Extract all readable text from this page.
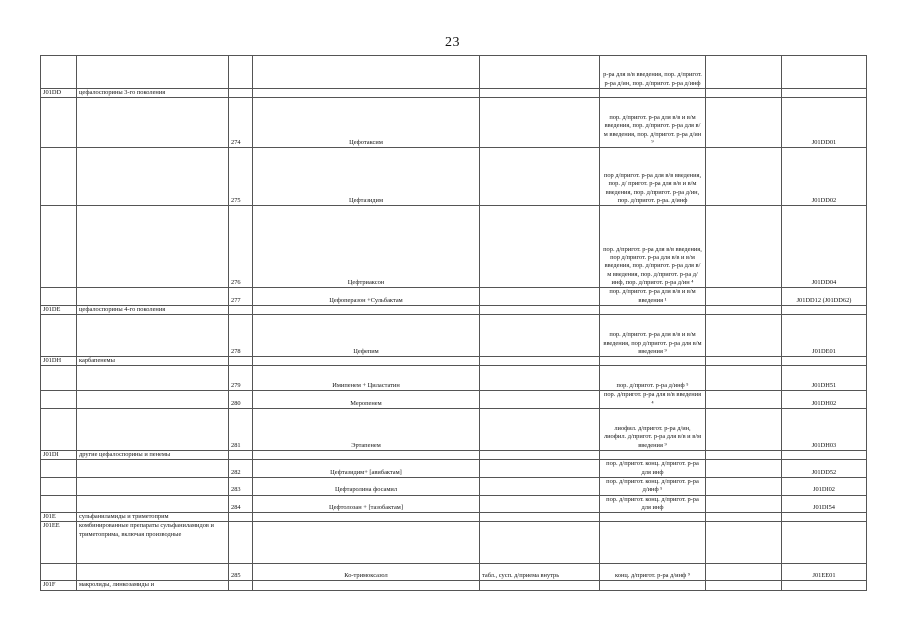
23
					р-ра для в/в введения, пор. д/пригот. р-ра д/ин, пор. д/пригот. р-ра д/инф		
J01DD	цефалоспорины 3-го поколения						
		274	Цефотаксим		пор. д/пригот. р-ра для в/в и в/м введения, пор. д/пригот. р-ра для в/м введения, пор. д/пригот. р-ра д/ин ⁹		J01DD01
		275	Цефтазидим		пор д/пригот. р-ра для в/в введения, пор. д/ пригот. р-ра для в/в и в/м введения, пор. д/пригот. р-ра д/ин, пор. д/пригот. р-ра. д/инф		J01DD02
		276	Цефтриаксон		пор. д/пригот. р-ра для в/в введения, пор д/пригот. р-ра для в/в и в/м введения, пор. д/пригот. р-ра для в/м введения, пор. д/пригот. р-ра д/инф, пор. д/пригот. р-ра д/ин ⁴		J01DD04
		277	Цефоперазон +Сульбактам		пор. д/пригот. р-ра для в/в и в/м введения ¹		J01DD12 (J01DD62)
J01DE	цефалоспорины 4-го поколения						
		278	Цефепим		пор. д/пригот. р-ра для в/в и в/м введения, пор д/пригот. р-ра для в/м введения ⁹		J01DE01
J01DH	карбапенемы						
		279	Имипенем + Циластатин		пор. д/пригот. р-ра д/инф ⁵		J01DH51
		280	Меропенем		пор. д/пригот. р-ра для в/в введения ⁴		J01DH02
		281	Эртапенем		лиофил. д/пригот. р-ра д/ин, лиофил. д/пригот. р-ра для в/в и в/м введения ⁹		J01DH03
J01DI	другие цефалоспорины и пенемы						
		282	Цефтазидим+ [авибактам]		пор. д/пригот. конц. д/пригот. р-ра для инф		J01DD52
		283	Цефтаролина фосамил		пор. д/пригот. конц. д/пригот. р-ра д/инф ⁵		J01DI02
		284	Цефтолозан + [тазобактам]		пор. д/пригот. конц. д/пригот. р-ра для инф		J01DI54
J01E	сульфаниламиды и триметоприм						
J01EE	комбинированные препараты сульфаниламидов и триметоприма, включая производные						
		285	Ко-тримоксазол	табл., сусп. д/приема внутрь	конц. д/пригот. р-ра д/инф ⁹		J01EE01
J01F	макролиды, линкозамиды и						
